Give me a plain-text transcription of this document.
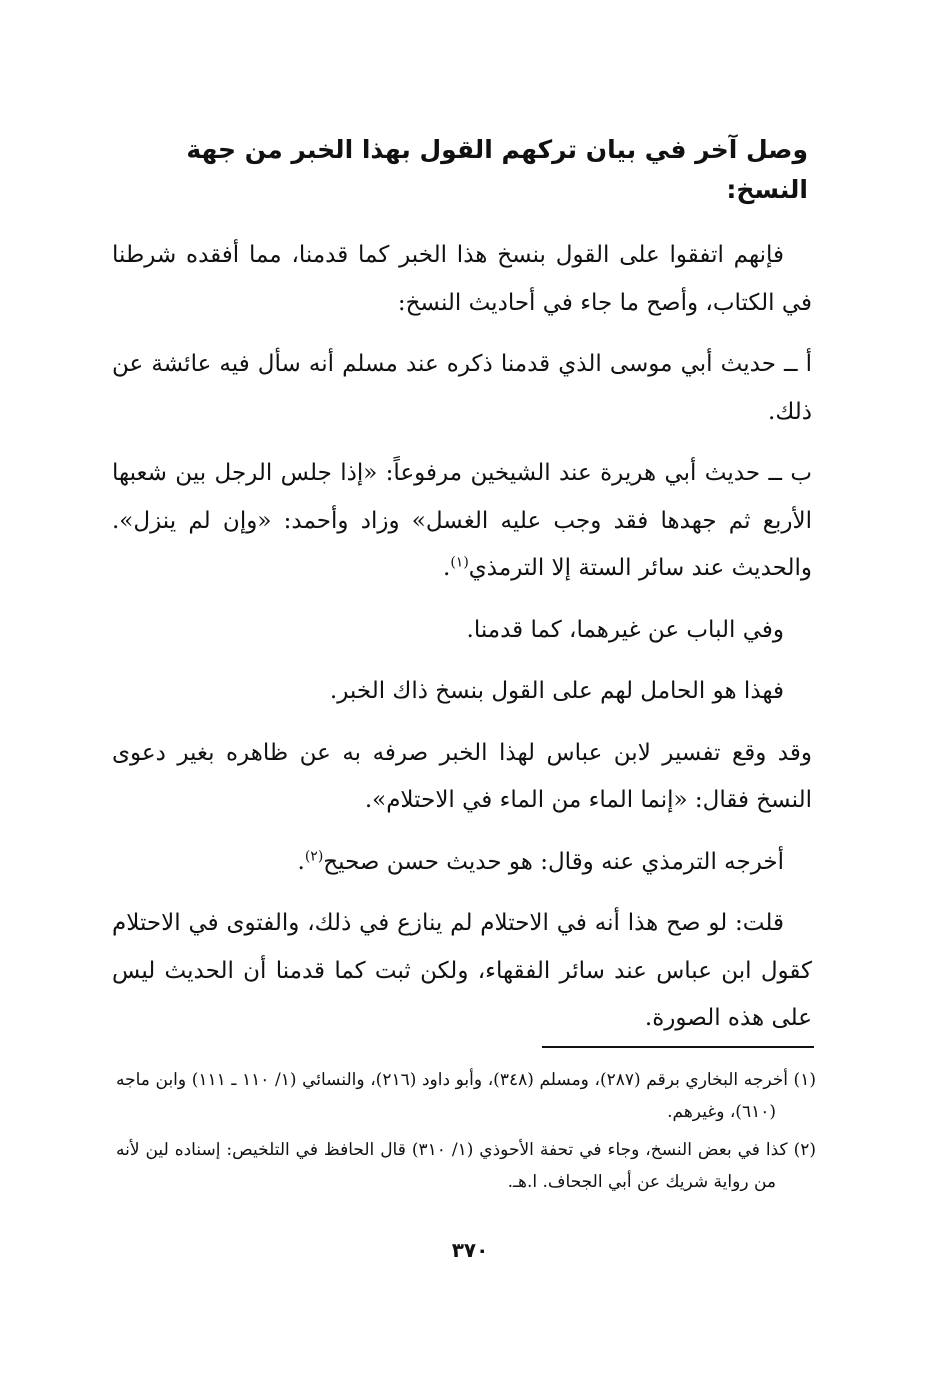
وصل آخر في بيان تركهم القول بهذا الخبر من جهة النسخ:

فإنهم اتفقوا على القول بنسخ هذا الخبر كما قدمنا، مما أفقده شرطنا في الكتاب، وأصح ما جاء في أحاديث النسخ:

أ ــ حديث أبي موسى الذي قدمنا ذكره عند مسلم أنه سأل فيه عائشة عن ذلك.

ب ــ حديث أبي هريرة عند الشيخين مرفوعاً: «إذا جلس الرجل بين شعبها الأربع ثم جهدها فقد وجب عليه الغسل» وزاد وأحمد: «وإن لم ينزل». والحديث عند سائر الستة إلا الترمذي$^{(١)}$.

وفي الباب عن غيرهما، كما قدمنا.

فهذا هو الحامل لهم على القول بنسخ ذاك الخبر.

وقد وقع تفسير لابن عباس لهذا الخبر صرفه به عن ظاهره بغير دعوى النسخ فقال: «إنما الماء من الماء في الاحتلام».

أخرجه الترمذي عنه وقال: هو حديث حسن صحيح$^{(٢)}$.

قلت: لو صح هذا أنه في الاحتلام لم ينازع في ذلك، والفتوى في الاحتلام كقول ابن عباس عند سائر الفقهاء، ولكن ثبت كما قدمنا أن الحديث ليس على هذه الصورة.

(١) أخرجه البخاري برقم (٢٨٧)، ومسلم (٣٤٨)، وأبو داود (٢١٦)، والنسائي (١/ ١١٠ ـ ١١١) وابن ماجه (٦١٠)، وغيرهم.

(٢) كذا في بعض النسخ، وجاء في تحفة الأحوذي (١/ ٣١٠) قال الحافظ في التلخيص: إسناده لين لأنه من رواية شريك عن أبي الجحاف. ا.هـ.

٣٧٠
